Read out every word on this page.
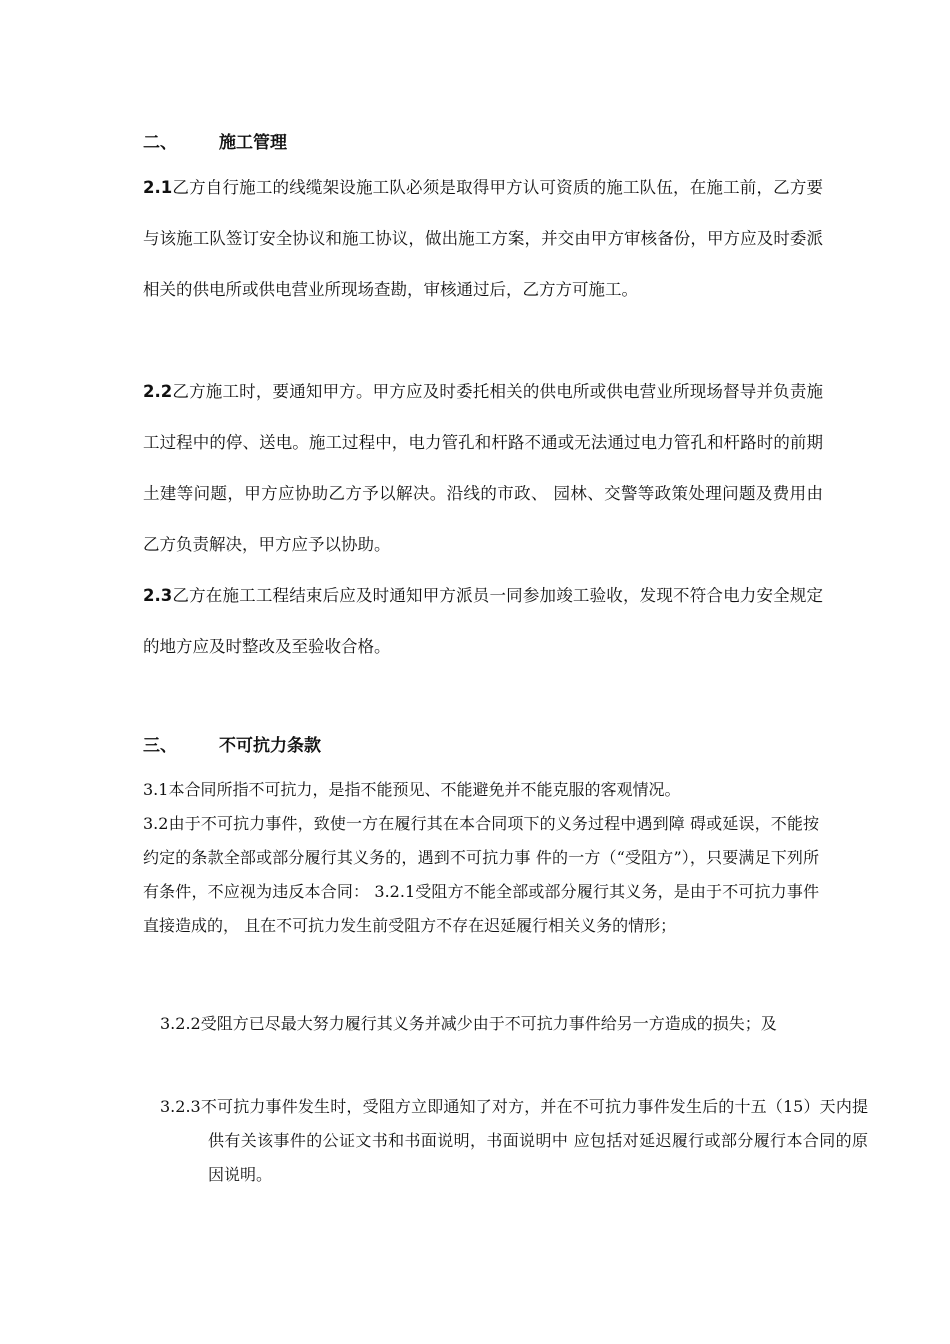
二、 施工管理
2.1乙方自行施工的线缆架设施工队必须是取得甲方认可资质的施工队伍，在施工前，乙方要与该施工队签订安全协议和施工协议，做出施工方案，并交由甲方审核备份，甲方应及时委派相关的供电所或供电营业所现场查勘，审核通过后，乙方方可施工。
2.2乙方施工时，要通知甲方。甲方应及时委托相关的供电所或供电营业所现场督导并负责施工过程中的停、送电。施工过程中，电力管孔和杆路不通或无法通过电力管孔和杆路时的前期土建等问题，甲方应协助乙方予以解决。沿线的市政、 园林、交警等政策处理问题及费用由乙方负责解决，甲方应予以协助。
2.3乙方在施工工程结束后应及时通知甲方派员一同参加竣工验收，发现不符合电力安全规定的地方应及时整改及至验收合格。
三、 不可抗力条款
3.1本合同所指不可抗力，是指不能预见、不能避免并不能克服的客观情况。
3.2由于不可抗力事件，致使一方在履行其在本合同项下的义务过程中遇到障 碍或延误，不能按约定的条款全部或部分履行其义务的，遇到不可抗力事 件的一方（“受阻方”），只要满足下列所有条件，不应视为违反本合同： 3.2.1受阻方不能全部或部分履行其义务，是由于不可抗力事件直接造成的， 且在不可抗力发生前受阻方不存在迟延履行相关义务的情形；
3.2.2受阻方已尽最大努力履行其义务并减少由于不可抗力事件给另一方造成的损失；及
3.2.3不可抗力事件发生时，受阻方立即通知了对方，并在不可抗力事件发生后的十五（15）天内提供有关该事件的公证文书和书面说明，书面说明中 应包括对延迟履行或部分履行本合同的原因说明。
